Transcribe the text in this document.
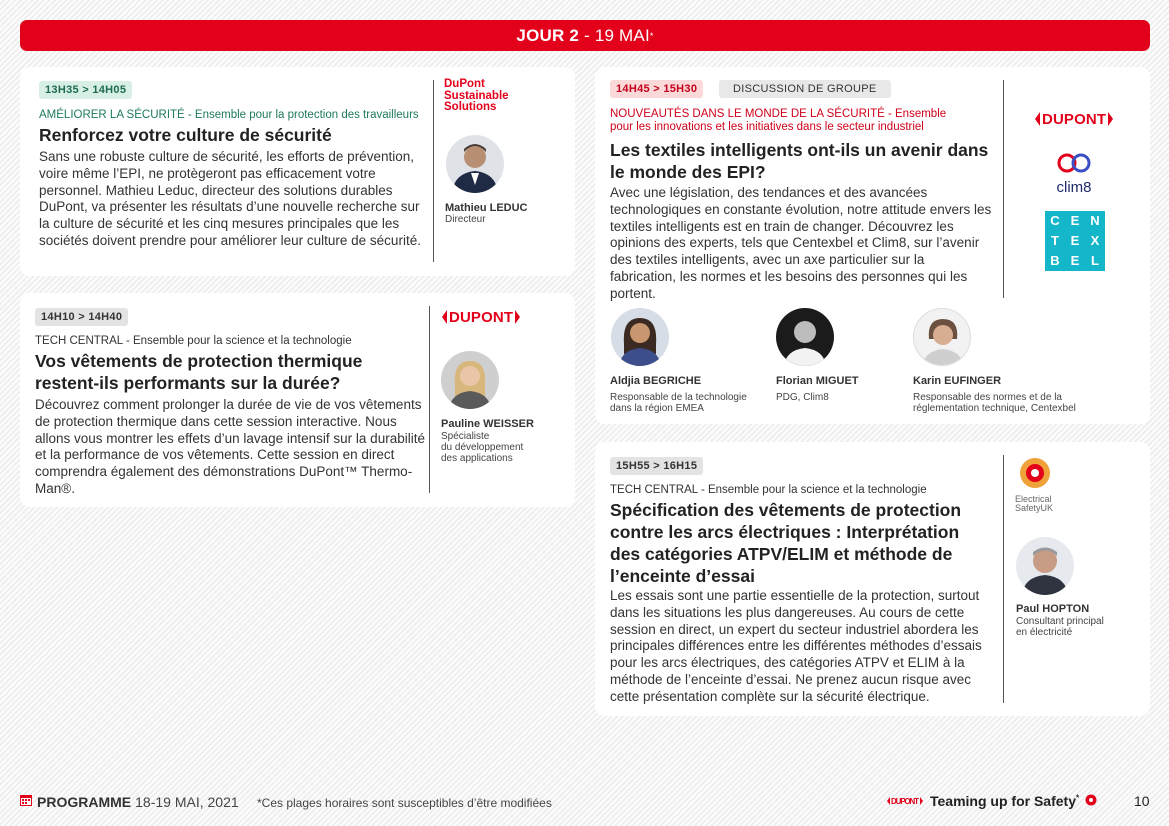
JOUR 2 - 19 MAI *
13H35 > 14H05
AMÉLIORER LA SÉCURITÉ - Ensemble pour la protection des travailleurs
Renforcez votre culture de sécurité
Sans une robuste culture de sécurité, les efforts de prévention, voire même l’EPI, ne protègeront pas efficacement votre personnel. Mathieu Leduc, directeur des solutions durables DuPont, va présenter les résultats d’une nouvelle recherche sur la culture de sécurité et les cinq mesures principales que les sociétés doivent prendre pour améliorer leur culture de sécurité.
DuPont
Sustainable
Solutions
Mathieu LEDUC
Directeur
14H10 > 14H40
TECH CENTRAL - Ensemble pour la science et la technologie
Vos vêtements de protection thermique
restent-ils performants sur la durée?
Découvrez comment prolonger la durée de vie de vos vêtements de protection thermique dans cette session interactive. Nous allons vous montrer les effets d’un lavage intensif sur la durabilité et la performance de vos vêtements. Cette session en direct comprendra également des démonstrations DuPont™ Thermo-Man®.
DUPONT
Pauline WEISSER
Spécialiste
du développement
des applications
14H45 > 15H30	DISCUSSION DE GROUPE
NOUVEAUTÉS DANS LE MONDE DE LA SÉCURITÉ - Ensemble
pour les innovations et les initiatives dans le secteur industriel
Les textiles intelligents ont-ils un avenir dans
le monde des EPI?
Avec une législation, des tendances et des avancées technologiques en constante évolution, notre attitude envers les textiles intelligents est en train de changer. Découvrez les opinions des experts, tels que Centexbel et Clim8, sur l’avenir des textiles intelligents, avec un axe particulier sur la fabrication, les normes et les besoins des personnes qui les portent.
DUPONT
clim8
C E N
T E X
B E L
Aldjia BEGRICHE
Responsable de la technologie
dans la région EMEA
Florian MIGUET
PDG, Clim8
Karin EUFINGER
Responsable des normes et de la
réglementation technique, Centexbel
15H55 > 16H15
TECH CENTRAL - Ensemble pour la science et la technologie
Spécification des vêtements de protection
contre les arcs électriques : Interprétation
des catégories ATPV/ELIM et méthode de
l’enceinte d’essai
Les essais sont une partie essentielle de la protection, surtout dans les situations les plus dangereuses. Au cours de cette session en direct, un expert du secteur industriel abordera les principales différences entre les différentes méthodes d’essais pour les arcs électriques, des catégories ATPV et ELIM à la méthode de l’enceinte d’essai. Ne prenez aucun risque avec cette présentation complète sur la sécurité électrique.
Electrical
SafetyUK
Paul HOPTON
Consultant principal
en électricité
PROGRAMME 18-19 MAI, 2021 *Ces plages horaires sont susceptibles d’être modifiées	DUPONT Teaming up for Safety*	10
